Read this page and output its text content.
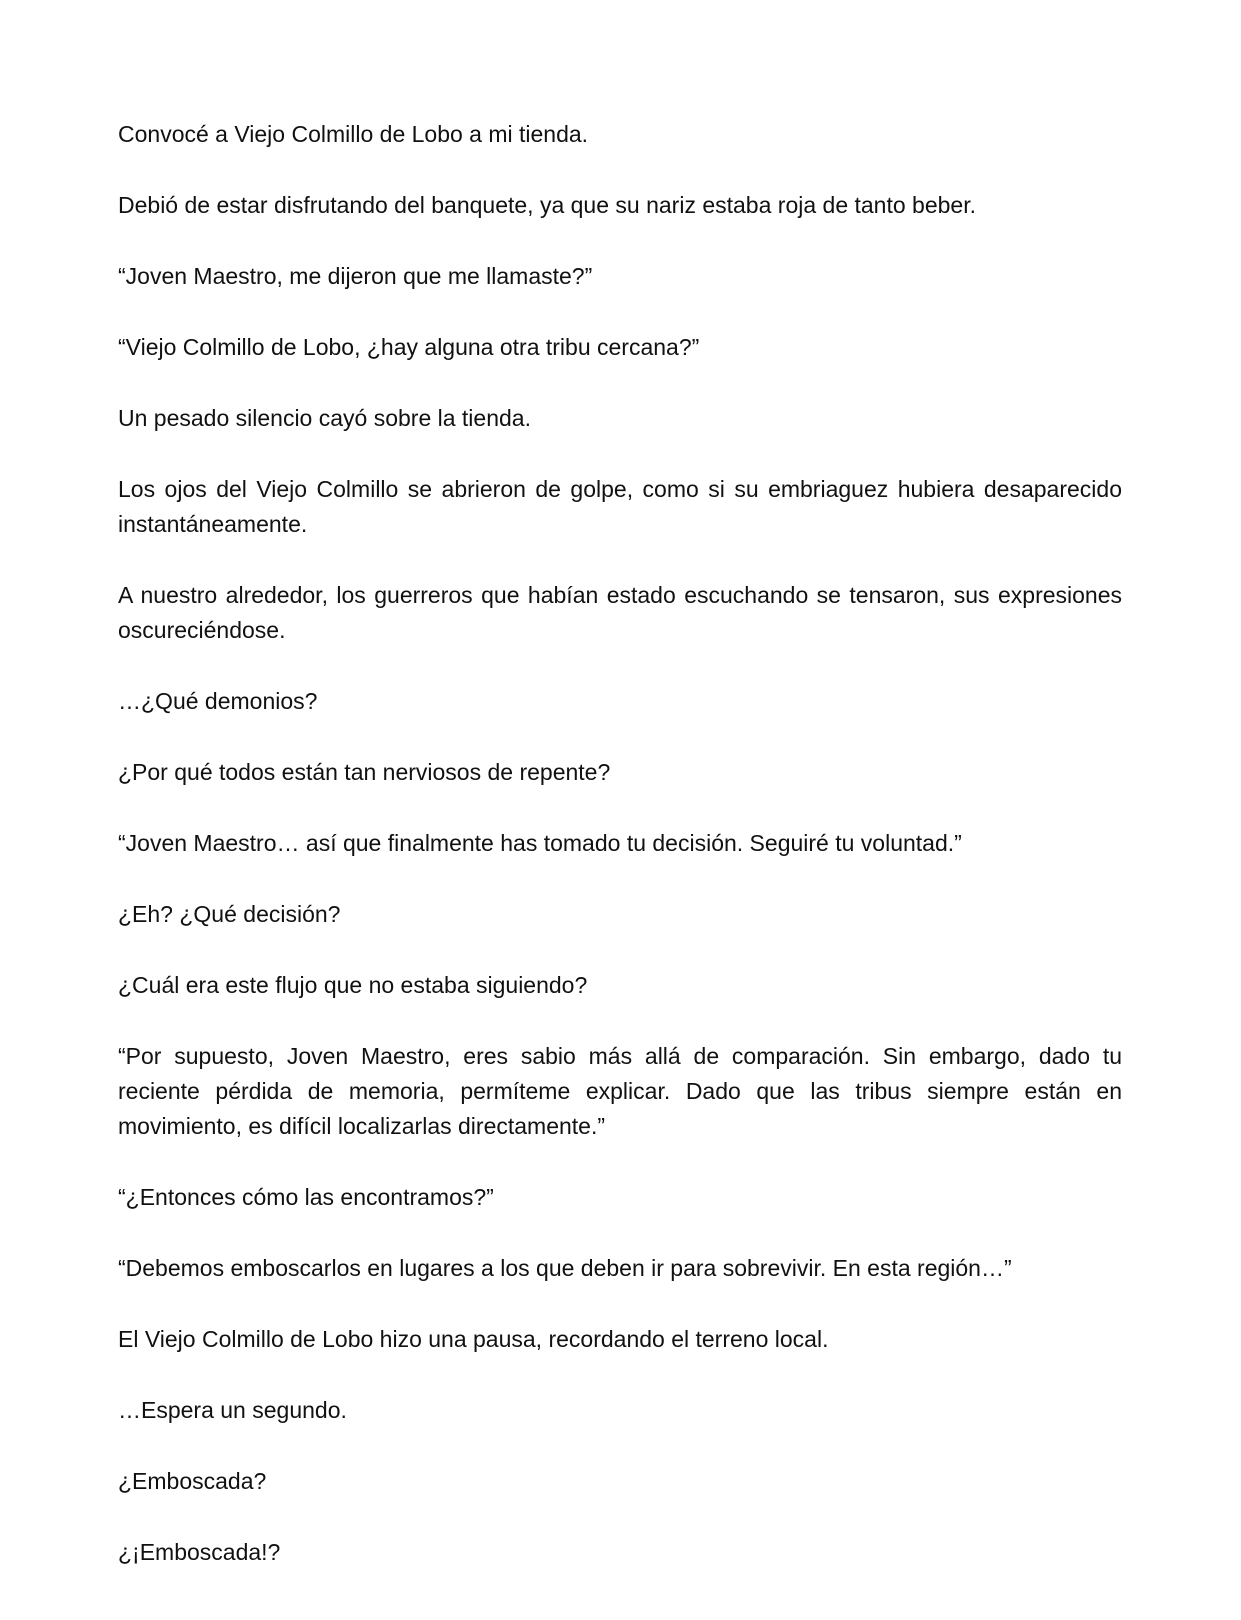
Convocé a Viejo Colmillo de Lobo a mi tienda.

Debió de estar disfrutando del banquete, ya que su nariz estaba roja de tanto beber.

“Joven Maestro, me dijeron que me llamaste?”

“Viejo Colmillo de Lobo, ¿hay alguna otra tribu cercana?”

Un pesado silencio cayó sobre la tienda.

Los ojos del Viejo Colmillo se abrieron de golpe, como si su embriaguez hubiera desaparecido instantáneamente.

A nuestro alrededor, los guerreros que habían estado escuchando se tensaron, sus expresiones oscureciéndose.

…¿Qué demonios?

¿Por qué todos están tan nerviosos de repente?

“Joven Maestro… así que finalmente has tomado tu decisión. Seguiré tu voluntad.”

¿Eh? ¿Qué decisión?

¿Cuál era este flujo que no estaba siguiendo?

“Por supuesto, Joven Maestro, eres sabio más allá de comparación. Sin embargo, dado tu reciente pérdida de memoria, permíteme explicar. Dado que las tribus siempre están en movimiento, es difícil localizarlas directamente.”

“¿Entonces cómo las encontramos?”

“Debemos emboscarlos en lugares a los que deben ir para sobrevivir. En esta región…”

El Viejo Colmillo de Lobo hizo una pausa, recordando el terreno local.

…Espera un segundo.

¿Emboscada?

¿¡Emboscada!?
